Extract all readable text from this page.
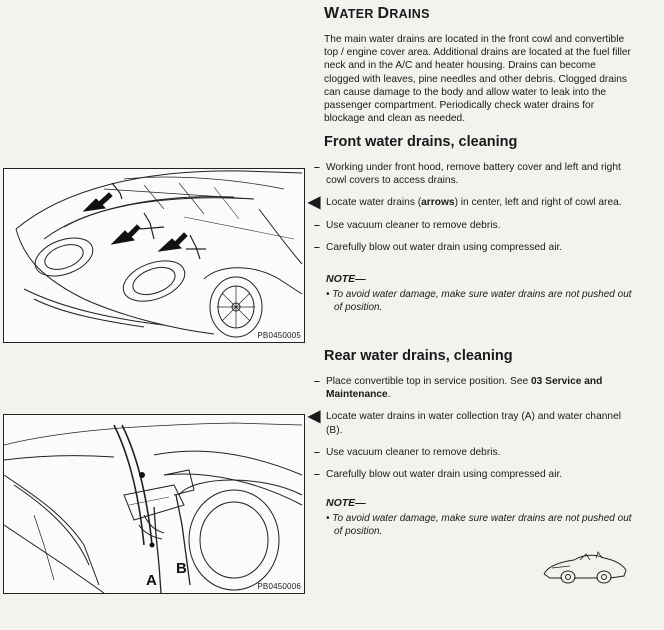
PB0450005
A
B
PB0450006
WATER DRAINS

The main water drains are located in the front cowl and convertible top / engine cover area. Additional drains are located at the fuel filler neck and in the A/C and heater housing. Drains can become clogged with leaves, pine needles and other debris. Clogged drains can cause damage to the body and allow water to leak into the passenger compartment. Periodically check water drains for blockage and clean as needed.

Front water drains, cleaning
– Working under front hood, remove battery cover and left and right cowl covers to access drains.
◀ Locate water drains (arrows) in center, left and right of cowl area.
– Use vacuum cleaner to remove debris.
– Carefully blow out water drain using compressed air.

NOTE—

• To avoid water damage, make sure water drains are not pushed out of position.

Rear water drains, cleaning
– Place convertible top in service position. See 03 Service and Maintenance.
◀ Locate water drains in water collection tray (A) and water channel (B).
– Use vacuum cleaner to remove debris.
– Carefully blow out water drain using compressed air.

NOTE—

• To avoid water damage, make sure water drains are not pushed out of position.
